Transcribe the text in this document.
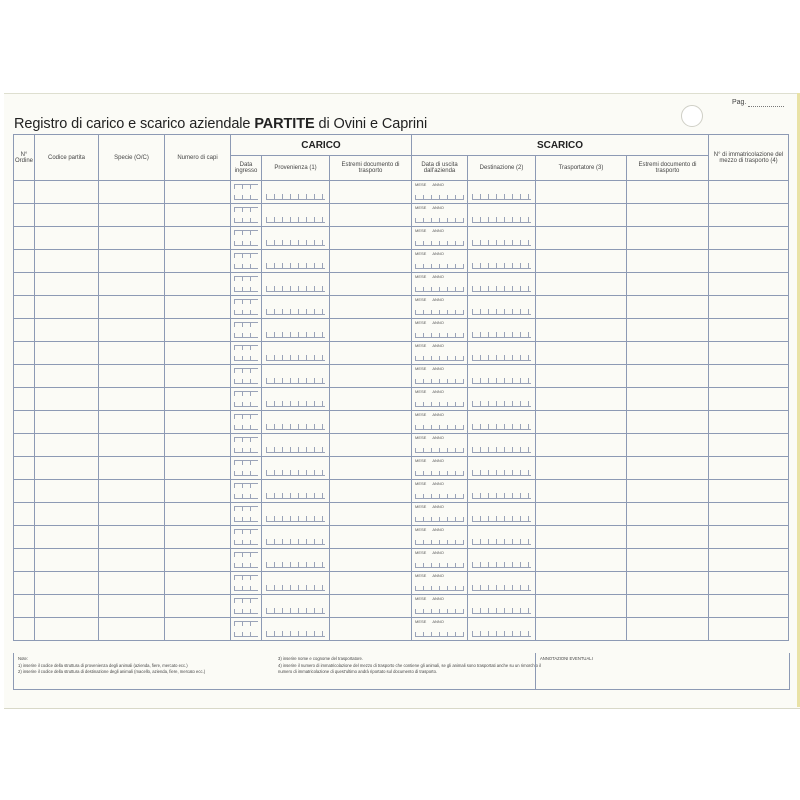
Pag.
Registro di carico e scarico aziendale PARTITE di Ovini e Caprini
N° Ordine	Codice partita	Specie (O/C)	Numero di capi	CARICO			SCARICO				N° di immatricolazione del mezzo di trasporto (4)
				Data ingresso	Provenienza (1)	Estremi documento di trasporto	Data di uscita dall'azienda	Destinazione (2)	Trasportatore (3)	Estremi documento di trasporto	

							MESE ANNO				

							MESE ANNO				

							MESE ANNO				

							MESE ANNO				

							MESE ANNO				

							MESE ANNO				

							MESE ANNO				

							MESE ANNO				

							MESE ANNO				

							MESE ANNO				

							MESE ANNO				

							MESE ANNO				

							MESE ANNO				

							MESE ANNO				

							MESE ANNO				

							MESE ANNO				

							MESE ANNO				

							MESE ANNO				

							MESE ANNO				

							MESE ANNO				

Note:
1) inserire il codice della struttura di provenienza degli animali (azienda, fiere, mercato ecc.)
2) inserire il codice della struttura di destinazione degli animali (macello, azienda, fiere, mercato ecc.)
3) inserire nome e cognome del trasportatore.
4) inserire il numero di immatricolazione del mezzo di trasporto che contiene gli animali, se gli animali sono trasportati anche su un rimorchio il numero di immatricolazione di quest'ultimo andrà riportato sul documento di trasporto.
ANNOTAZIONI EVENTUALI
